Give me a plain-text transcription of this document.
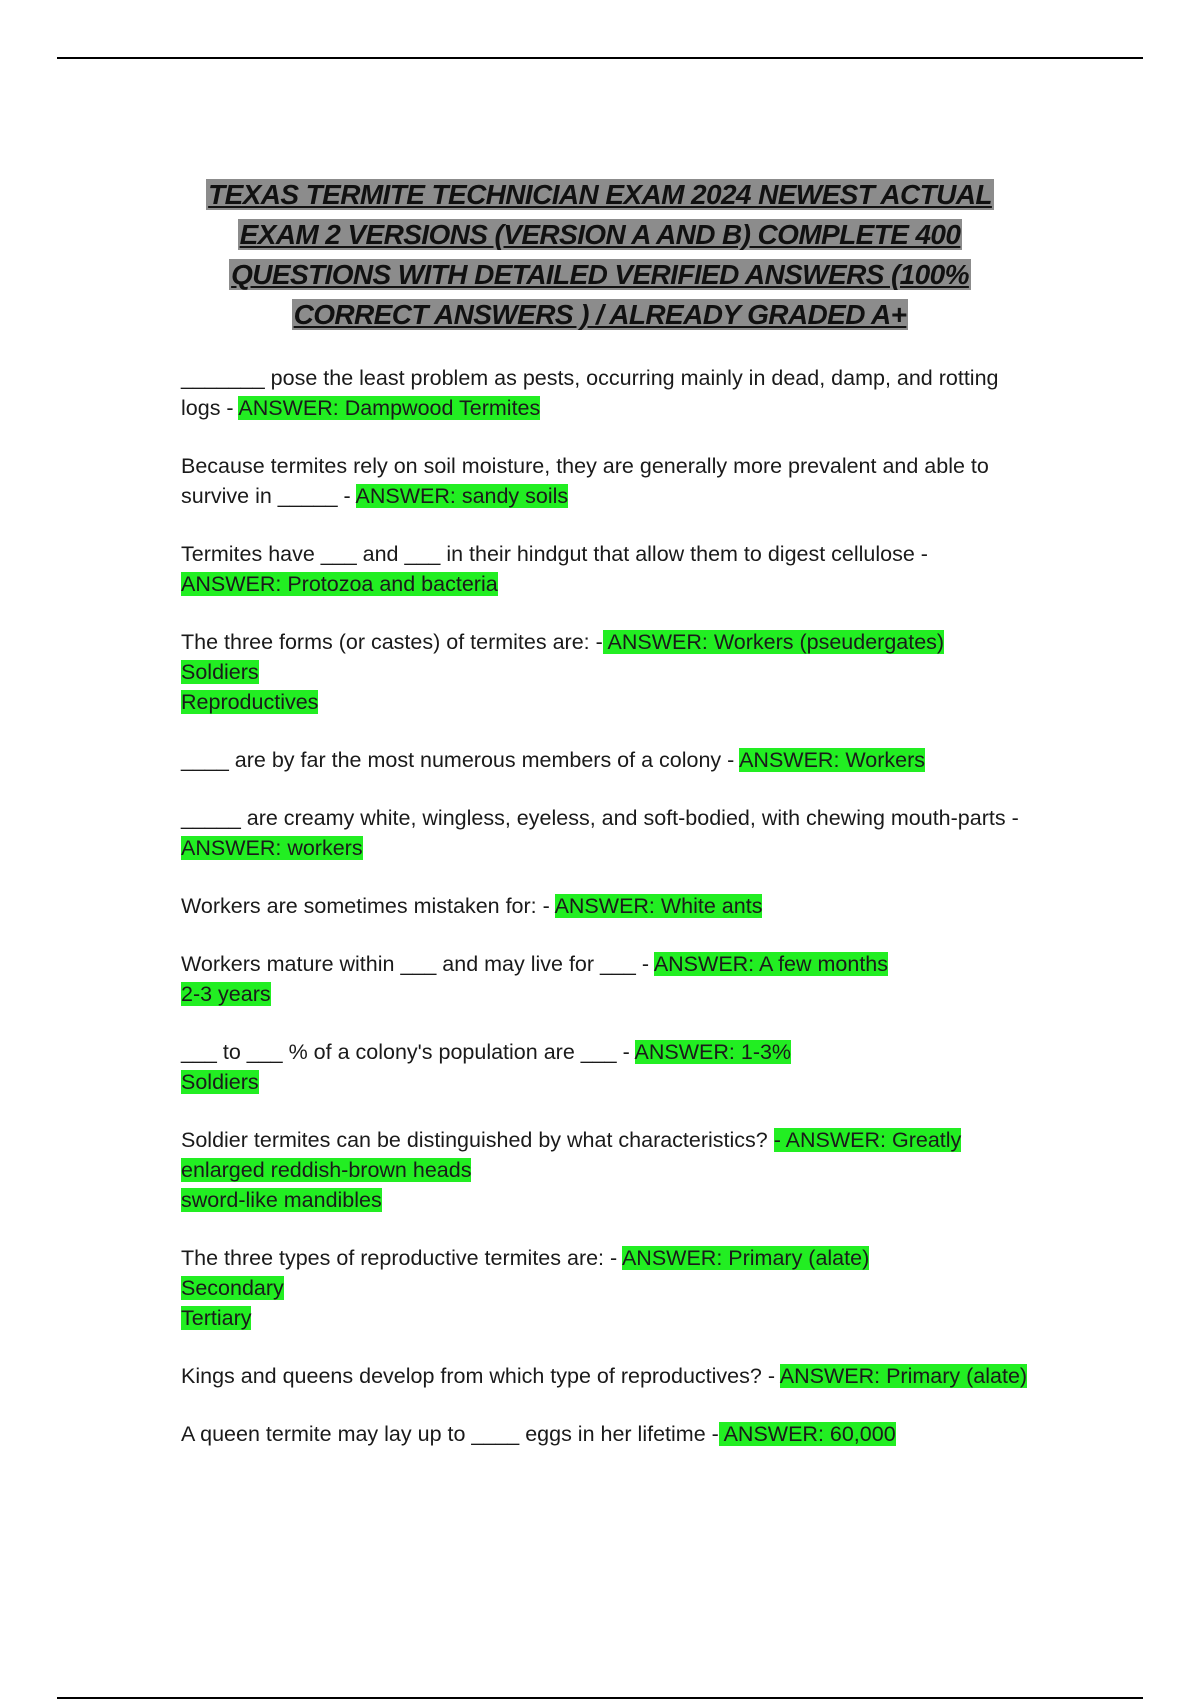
TEXAS TERMITE TECHNICIAN EXAM 2024 NEWEST ACTUAL EXAM 2 VERSIONS (VERSION A AND B) COMPLETE 400 QUESTIONS WITH DETAILED VERIFIED ANSWERS (100% CORRECT ANSWERS ) / ALREADY GRADED A+
_______ pose the least problem as pests, occurring mainly in dead, damp, and rotting logs - ANSWER: Dampwood Termites
Because termites rely on soil moisture, they are generally more prevalent and able to survive in _____ - ANSWER: sandy soils
Termites have ___ and ___ in their hindgut that allow them to digest cellulose - ANSWER: Protozoa and bacteria
The three forms (or castes) of termites are: - ANSWER: Workers (pseudergates)
Soldiers
Reproductives
____ are by far the most numerous members of a colony - ANSWER: Workers
_____ are creamy white, wingless, eyeless, and soft-bodied, with chewing mouth-parts - ANSWER: workers
Workers are sometimes mistaken for: - ANSWER: White ants
Workers mature within ___ and may live for ___ - ANSWER: A few months
2-3 years
___ to ___ % of a colony's population are ___ - ANSWER: 1-3%
Soldiers
Soldier termites can be distinguished by what characteristics? - ANSWER: Greatly enlarged reddish-brown heads
sword-like mandibles
The three types of reproductive termites are: - ANSWER: Primary (alate)
Secondary
Tertiary
Kings and queens develop from which type of reproductives? - ANSWER: Primary (alate)
A queen termite may lay up to ____ eggs in her lifetime - ANSWER: 60,000
